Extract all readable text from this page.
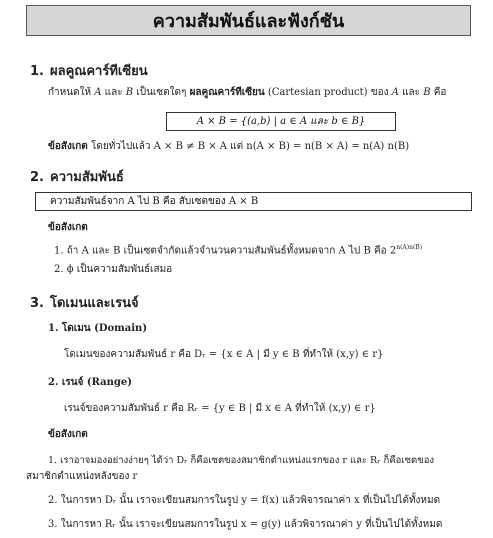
ความสัมพันธ์และฟังก์ชัน
1. ผลคูณคาร์ทีเซียน
กำหนดให้ A และ B เป็นเซตใดๆ ผลคูณคาร์ทีเซียน (Cartesian product) ของ A และ B คือ
A × B = {(a,b) | a ∈ A และ b ∈ B}
ข้อสังเกต โดยทั่วไปแล้ว A × B ≠ B × A แต่ n(A × B) = n(B × A) = n(A) n(B)
2. ความสัมพันธ์
ความสัมพันธ์จาก A ไป B คือ สับเซตของ A × B
ข้อสังเกต
1. ถ้า A และ B เป็นเซตจำกัดแล้วจำนวนความสัมพันธ์ทั้งหมดจาก A ไป B คือ $2^{n(A)n(B)}$
2. ϕ เป็นความสัมพันธ์เสมอ
3. โดเมนและเรนจ์
1. โดเมน (Domain)
โดเมนของความสัมพันธ์ r คือ Dᵣ = {x ∈ A | มี y ∈ B ที่ทำให้ (x,y) ∈ r}
2. เรนจ์ (Range)
เรนจ์ของความสัมพันธ์ r คือ Rᵣ = {y ∈ B | มี x ∈ A ที่ทำให้ (x,y) ∈ r}
ข้อสังเกต
1. เราอาจมองอย่างง่ายๆ ได้ว่า Dᵣ ก็คือเซตของสมาชิกตำแหน่งแรกของ r และ Rᵣ ก็คือเซตของ
สมาชิกตำแหน่งหลังของ r
2. ในการหา Dᵣ นั้น เราจะเขียนสมการในรูป y = f(x) แล้วพิจารณาค่า x ที่เป็นไปได้ทั้งหมด
3. ในการหา Rᵣ นั้น เราจะเขียนสมการในรูป x = g(y) แล้วพิจารณาค่า y ที่เป็นไปได้ทั้งหมด
